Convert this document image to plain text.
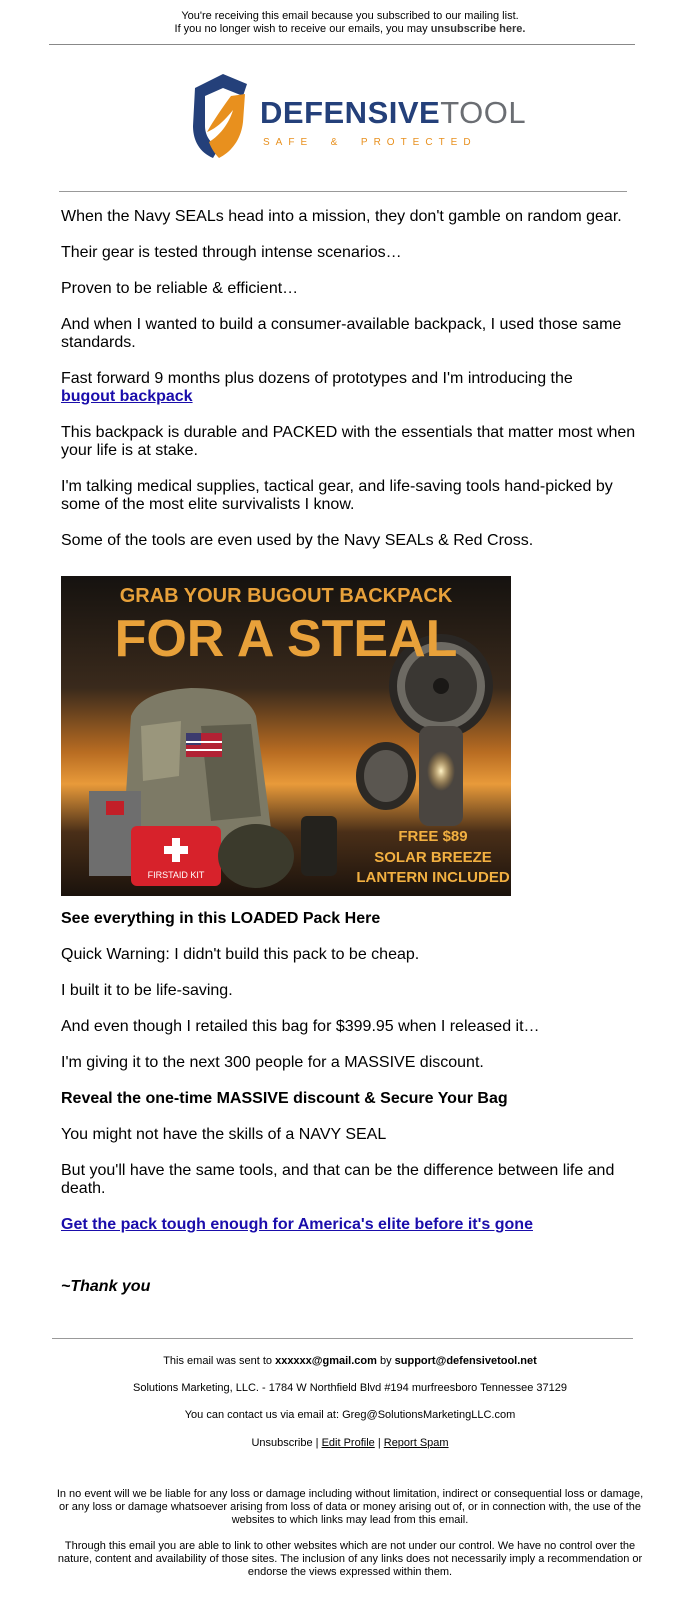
You're receiving this email because you subscribed to our mailing list.
If you no longer wish to receive our emails, you may unsubscribe here.
DEFENSIVETOOL
SAFE  &  PROTECTED

When the Navy SEALs head into a mission, they don't gamble on random gear.

Their gear is tested through intense scenarios…

Proven to be reliable & efficient…

And when I wanted to build a consumer-available backpack, I used those same standards.

Fast forward 9 months plus dozens of prototypes and I'm introducing the
bugout backpack

This backpack is durable and PACKED with the essentials that matter most when your life is at stake.

I'm talking medical supplies, tactical gear, and life-saving tools hand-picked by some of the most elite survivalists I know.

Some of the tools are even used by the Navy SEALs & Red Cross.

FIRSTAID KIT
GRAB YOUR BUGOUT BACKPACK
FOR A STEAL
FREE $89
SOLAR BREEZE
LANTERN INCLUDED

See everything in this LOADED Pack Here

Quick Warning: I didn't build this pack to be cheap.

I built it to be life-saving.

And even though I retailed this bag for $399.95 when I released it…

I'm giving it to the next 300 people for a MASSIVE discount.

Reveal the one-time MASSIVE discount & Secure Your Bag

You might not have the skills of a NAVY SEAL

But you'll have the same tools, and that can be the difference between life and death.

Get the pack tough enough for America's elite before it's gone

~Thank you

This email was sent to xxxxxx@gmail.com by support@defensivetool.net
Solutions Marketing, LLC. - 1784 W Northfield Blvd #194 murfreesboro Tennessee 37129
You can contact us via email at: Greg@SolutionsMarketingLLC.com
Unsubscribe | Edit Profile | Report Spam
In no event will we be liable for any loss or damage including without limitation, indirect or consequential loss or damage, or any loss or damage whatsoever arising from loss of data or money arising out of, or in connection with, the use of the websites to which links may lead from this email.
Through this email you are able to link to other websites which are not under our control. We have no control over the nature, content and availability of those sites. The inclusion of any links does not necessarily imply a recommendation or endorse the views expressed within them.
